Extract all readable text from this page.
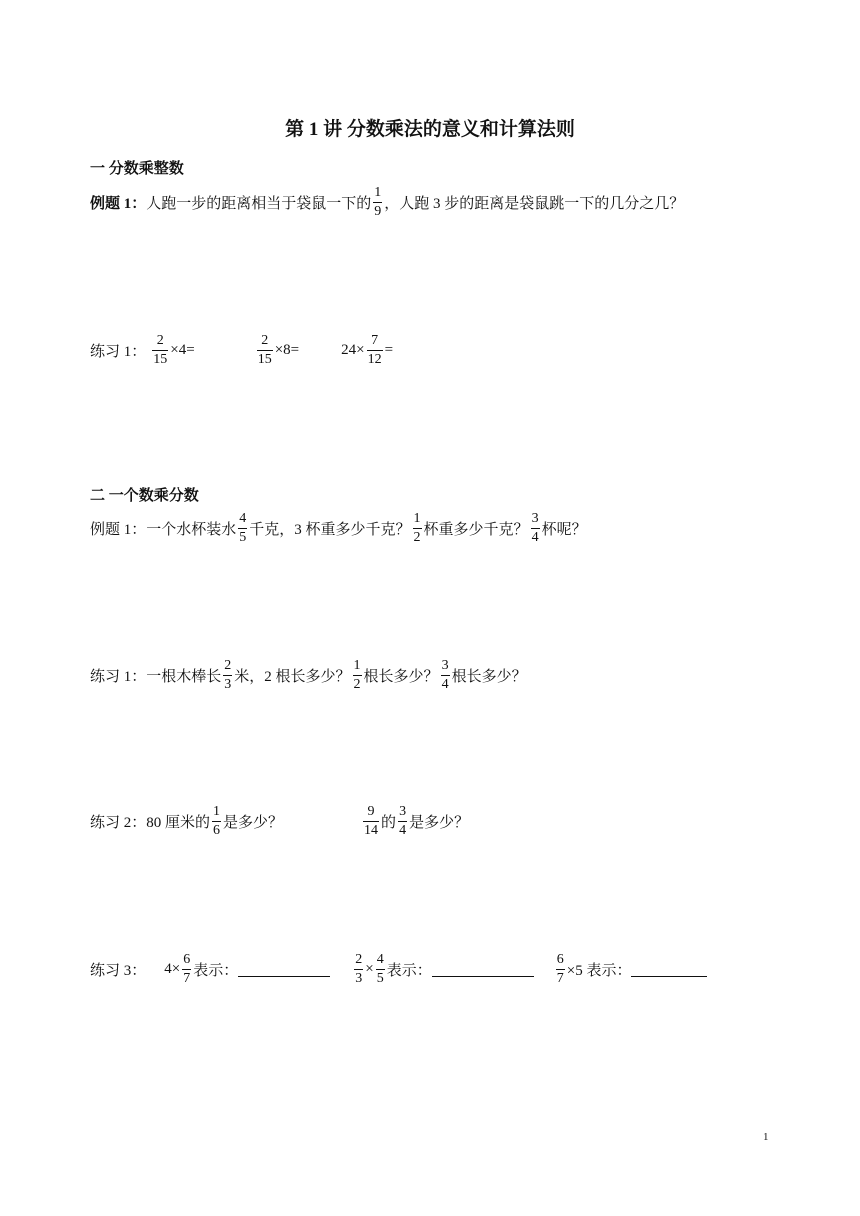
第 1 讲 分数乘法的意义和计算法则
一 分数乘整数
例题 1： 人跑一步的距离相当于袋鼠一下的 $\frac{1}{9}$ ，人跑 3 步的距离是袋鼠跳一下的几分之几？
练习 1： $\frac{2}{15} \times 4=$	$\frac{2}{15} \times 8=$	$24\times \frac{7}{12}$ =
二 一个数乘分数
例题 1： 一个水杯装水 $\frac{4}{5}$ 千克，3 杯重多少千克？ $\frac{1}{2}$ 杯重多少千克？ $\frac{3}{4}$ 杯呢？
练习 1： 一根木棒长 $\frac{2}{3}$ 米，2 根长多少？ $\frac{1}{2}$ 根长多少？ $\frac{3}{4}$ 根长多少？
练习 2： 80 厘米的 $\frac{1}{6}$ 是多少？	$\frac{9}{14}$ 的 $\frac{3}{4}$ 是多少？
练习 3： $4\times \frac{6}{7}$ 表示：	$\frac{2}{3} \times \frac{4}{5}$ 表示：	$\frac{6}{7} \times 5$ 表示：
1
